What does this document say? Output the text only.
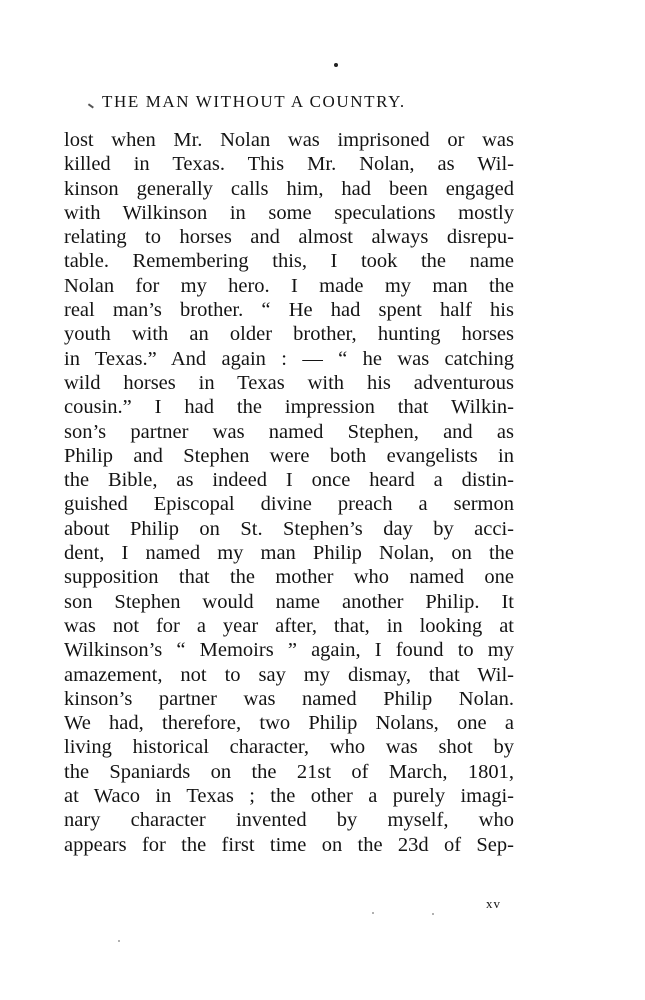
THE MAN WITHOUT A COUNTRY.
lost when Mr. Nolan was imprisoned or was
killed in Texas. This Mr. Nolan, as Wil-
kinson generally calls him, had been engaged
with Wilkinson in some speculations mostly
relating to horses and almost always disrepu-
table. Remembering this, I took the name
Nolan for my hero. I made my man the
real man’s brother. “ He had spent half his
youth with an older brother, hunting horses
in Texas.” And again : — “ he was catching
wild horses in Texas with his adventurous
cousin.” I had the impression that Wilkin-
son’s partner was named Stephen, and as
Philip and Stephen were both evangelists in
the Bible, as indeed I once heard a distin-
guished Episcopal divine preach a sermon
about Philip on St. Stephen’s day by acci-
dent, I named my man Philip Nolan, on the
supposition that the mother who named one
son Stephen would name another Philip. It
was not for a year after, that, in looking at
Wilkinson’s “ Memoirs ” again, I found to my
amazement, not to say my dismay, that Wil-
kinson’s partner was named Philip Nolan.
We had, therefore, two Philip Nolans, one a
living historical character, who was shot by
the Spaniards on the 21st of March, 1801,
at Waco in Texas ; the other a purely imagi-
nary character invented by myself, who
appears for the first time on the 23d of Sep-
xv
